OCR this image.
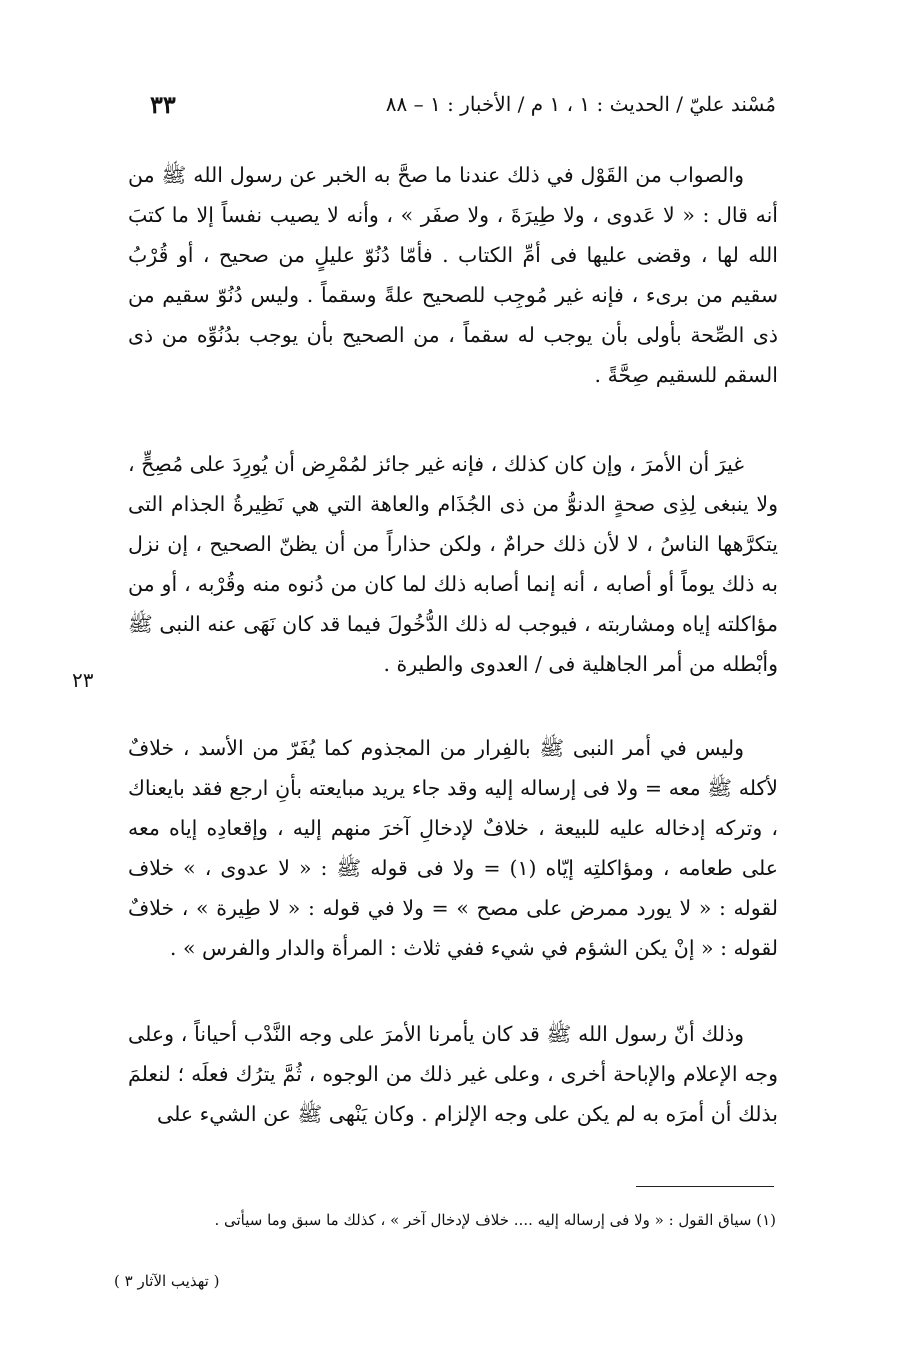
مُسْند عليّ / الحديث : ١ ، ١ م / الأخبار : ١ – ٨٨
٣٣
٢٣

والصواب من القَوْل في ذلك عندنا ما صحَّ به الخبر عن رسول الله ﷺ من أنه قال : « لا عَدوى ، ولا طِيرَةَ ، ولا صفَر » ، وأنه لا يصيب نفساً إلا ما كتبَ الله لها ، وقضى عليها فى أمِّ الكتاب . فأمّا دُنُوّ عليلٍ من صحيح ، أو قُرْبُ سقيم من برىء ، فإنه غير مُوجِب للصحيح علةً وسقماً . وليس دُنُوّ سقيم من ذى الصِّحة بأولى بأن يوجب له سقماً ، من الصحيح بأن يوجب بدُنُوِّه من ذى السقم للسقيم صِحَّةً .

غيرَ أن الأمرَ ، وإن كان كذلك ، فإنه غير جائز لمُمْرِض أن يُورِدَ على مُصِحٍّ ، ولا ينبغى لِذِى صحةٍ الدنوُّ من ذى الجُذَام والعاهة التي هي نَظِيرةُ الجذام التى يتكرَّهها الناسُ ، لا لأن ذلك حرامٌ ، ولكن حذاراً من أن يظنّ الصحيح ، إن نزل به ذلك يوماً أو أصابه ، أنه إنما أصابه ذلك لما كان من دُنوه منه وقُرْبه ، أو من مؤاكلته إياه ومشاربته ، فيوجب له ذلك الدُّخُولَ فيما قد كان نَهَى عنه النبى ﷺ وأبْطله من أمر الجاهلية فى / العدوى والطيرة .

وليس في أمر النبى ﷺ بالفِرار من المجذوم كما يُفَرّ من الأسد ، خلافٌ لأكله ﷺ معه = ولا فى إرساله إليه وقد جاء يريد مبايعته بأنِ ارجع فقد بايعناك ، وتركه إدخاله عليه للبيعة ، خلافٌ لإدخالِ آخرَ منهم إليه ، وإقعادِه إياه معه على طعامه ، ومؤاكلتِه إيّاه (١) = ولا فى قوله ﷺ : « لا عدوى ، » خلاف لقوله : « لا يورد ممرض على مصح » = ولا في قوله : « لا طِيرة » ، خلافٌ لقوله : « إنْ يكن الشؤم في شيء ففي ثلاث : المرأة والدار والفرس » .

وذلك أنّ رسول الله ﷺ قد كان يأمرنا الأمرَ على وجه النَّدْب أحياناً ، وعلى وجه الإعلام والإباحة أخرى ، وعلى غير ذلك من الوجوه ، ثُمَّ يترُك فعلَه ؛ لنعلمَ بذلك أن أمرَه به لم يكن على وجه الإلزام . وكان يَنْهى ﷺ عن الشيء على

(١) سياق القول : « ولا فى إرساله إليه .... خلاف لإدخال آخر » ، كذلك ما سبق وما سيأتى .
( تهذيب الآثار ٣ )
